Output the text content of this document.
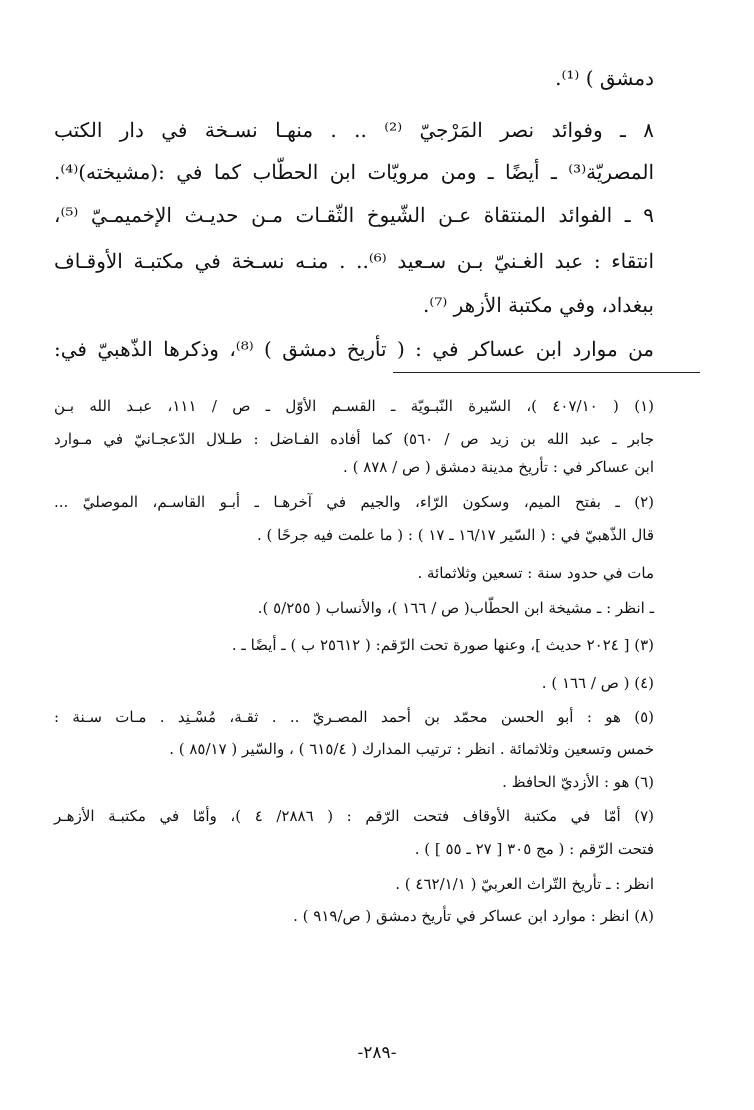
دمشق ) ⁽¹⁾.
٨ ـ وفوائد نصر المَرْجيّ ⁽²⁾ .. . منهـا نسـخة في دار الكتب
المصريّة⁽³⁾ ـ أيضًا ـ ومن مرويّات ابن الحطّاب كما في :(مشيخته)⁽⁴⁾.
٩ ـ الفوائد المنتقاة عـن الشّيوخ الثّقـات مـن حديـث الإخميمـيّ ⁽⁵⁾،
انتقاء : عبد الغـنيّ بـن سـعيد ⁽⁶⁾.. . منـه نسـخة في مكتبـة الأوقـاف
ببغداد، وفي مكتبة الأزهر ⁽⁷⁾.
من موارد ابن عساكر في : ( تأريخ دمشق ) ⁽⁸⁾، وذكرها الذّهبيّ في:
(١) ( ٤٠٧/١٠ )، السّيرة النّبـويّة ـ القسـم الأوّل ـ ص / ١١١، عبـد الله بـن
جابر ـ عبد الله بن زيد ص / ٥٦٠) كما أفاده الفـاضل : طـلال الدّعجـانيّ في مـوارد
ابن عساكر في : تأريخ مدينة دمشق ( ص / ٨٧٨ ) .
(٢) ـ بفتح الميم، وسكون الرّاء، والجيم في آخرهـا ـ أبـو القاسـم، الموصليّ ...
قال الذّهبيّ في : ( السّير ١٦/١٧ ـ ١٧ ) : ( ما علمت فيه جرحًا ) .
مات في حدود سنة : تسعين وثلاثمائة .
ـ انظر : ـ مشيخة ابن الحطّاب( ص / ١٦٦ )، والأنساب ( ٥/٢٥٥ ).
(٣) [ ٢٠٢٤ حديث ]، وعنها صورة تحت الرّقم: ( ٢٥٦١٢ ب ) ـ أيضًا ـ .
(٤) ( ص / ١٦٦ ) .
(٥) هو : أبو الحسن محمّد بن أحمد المصـريّ .. . ثقـة، مُسْـنِد . مـات سـنة :
خمس وتسعين وثلاثمائة . انظر : ترتيب المدارك ( ٦١٥/٤ ) ، والسّير ( ٨٥/١٧ ) .
(٦) هو : الأزديّ الحافظ .
(٧) أمّا في مكتبة الأوقاف فتحت الرّقم : ( ٢٨٨٦/ ٤ )، وأمّا في مكتبـة الأزهـر
فتحت الرّقم : ( مج ٣٠٥ [ ٢٧ ـ ٥٥ ] ) .
انظر : ـ تأريخ التّراث العربيّ ( ٤٦٢/١/١ ) .
(٨) انظر : موارد ابن عساكر في تأريخ دمشق ( ص/٩١٩ ) .
-٢٨٩-
